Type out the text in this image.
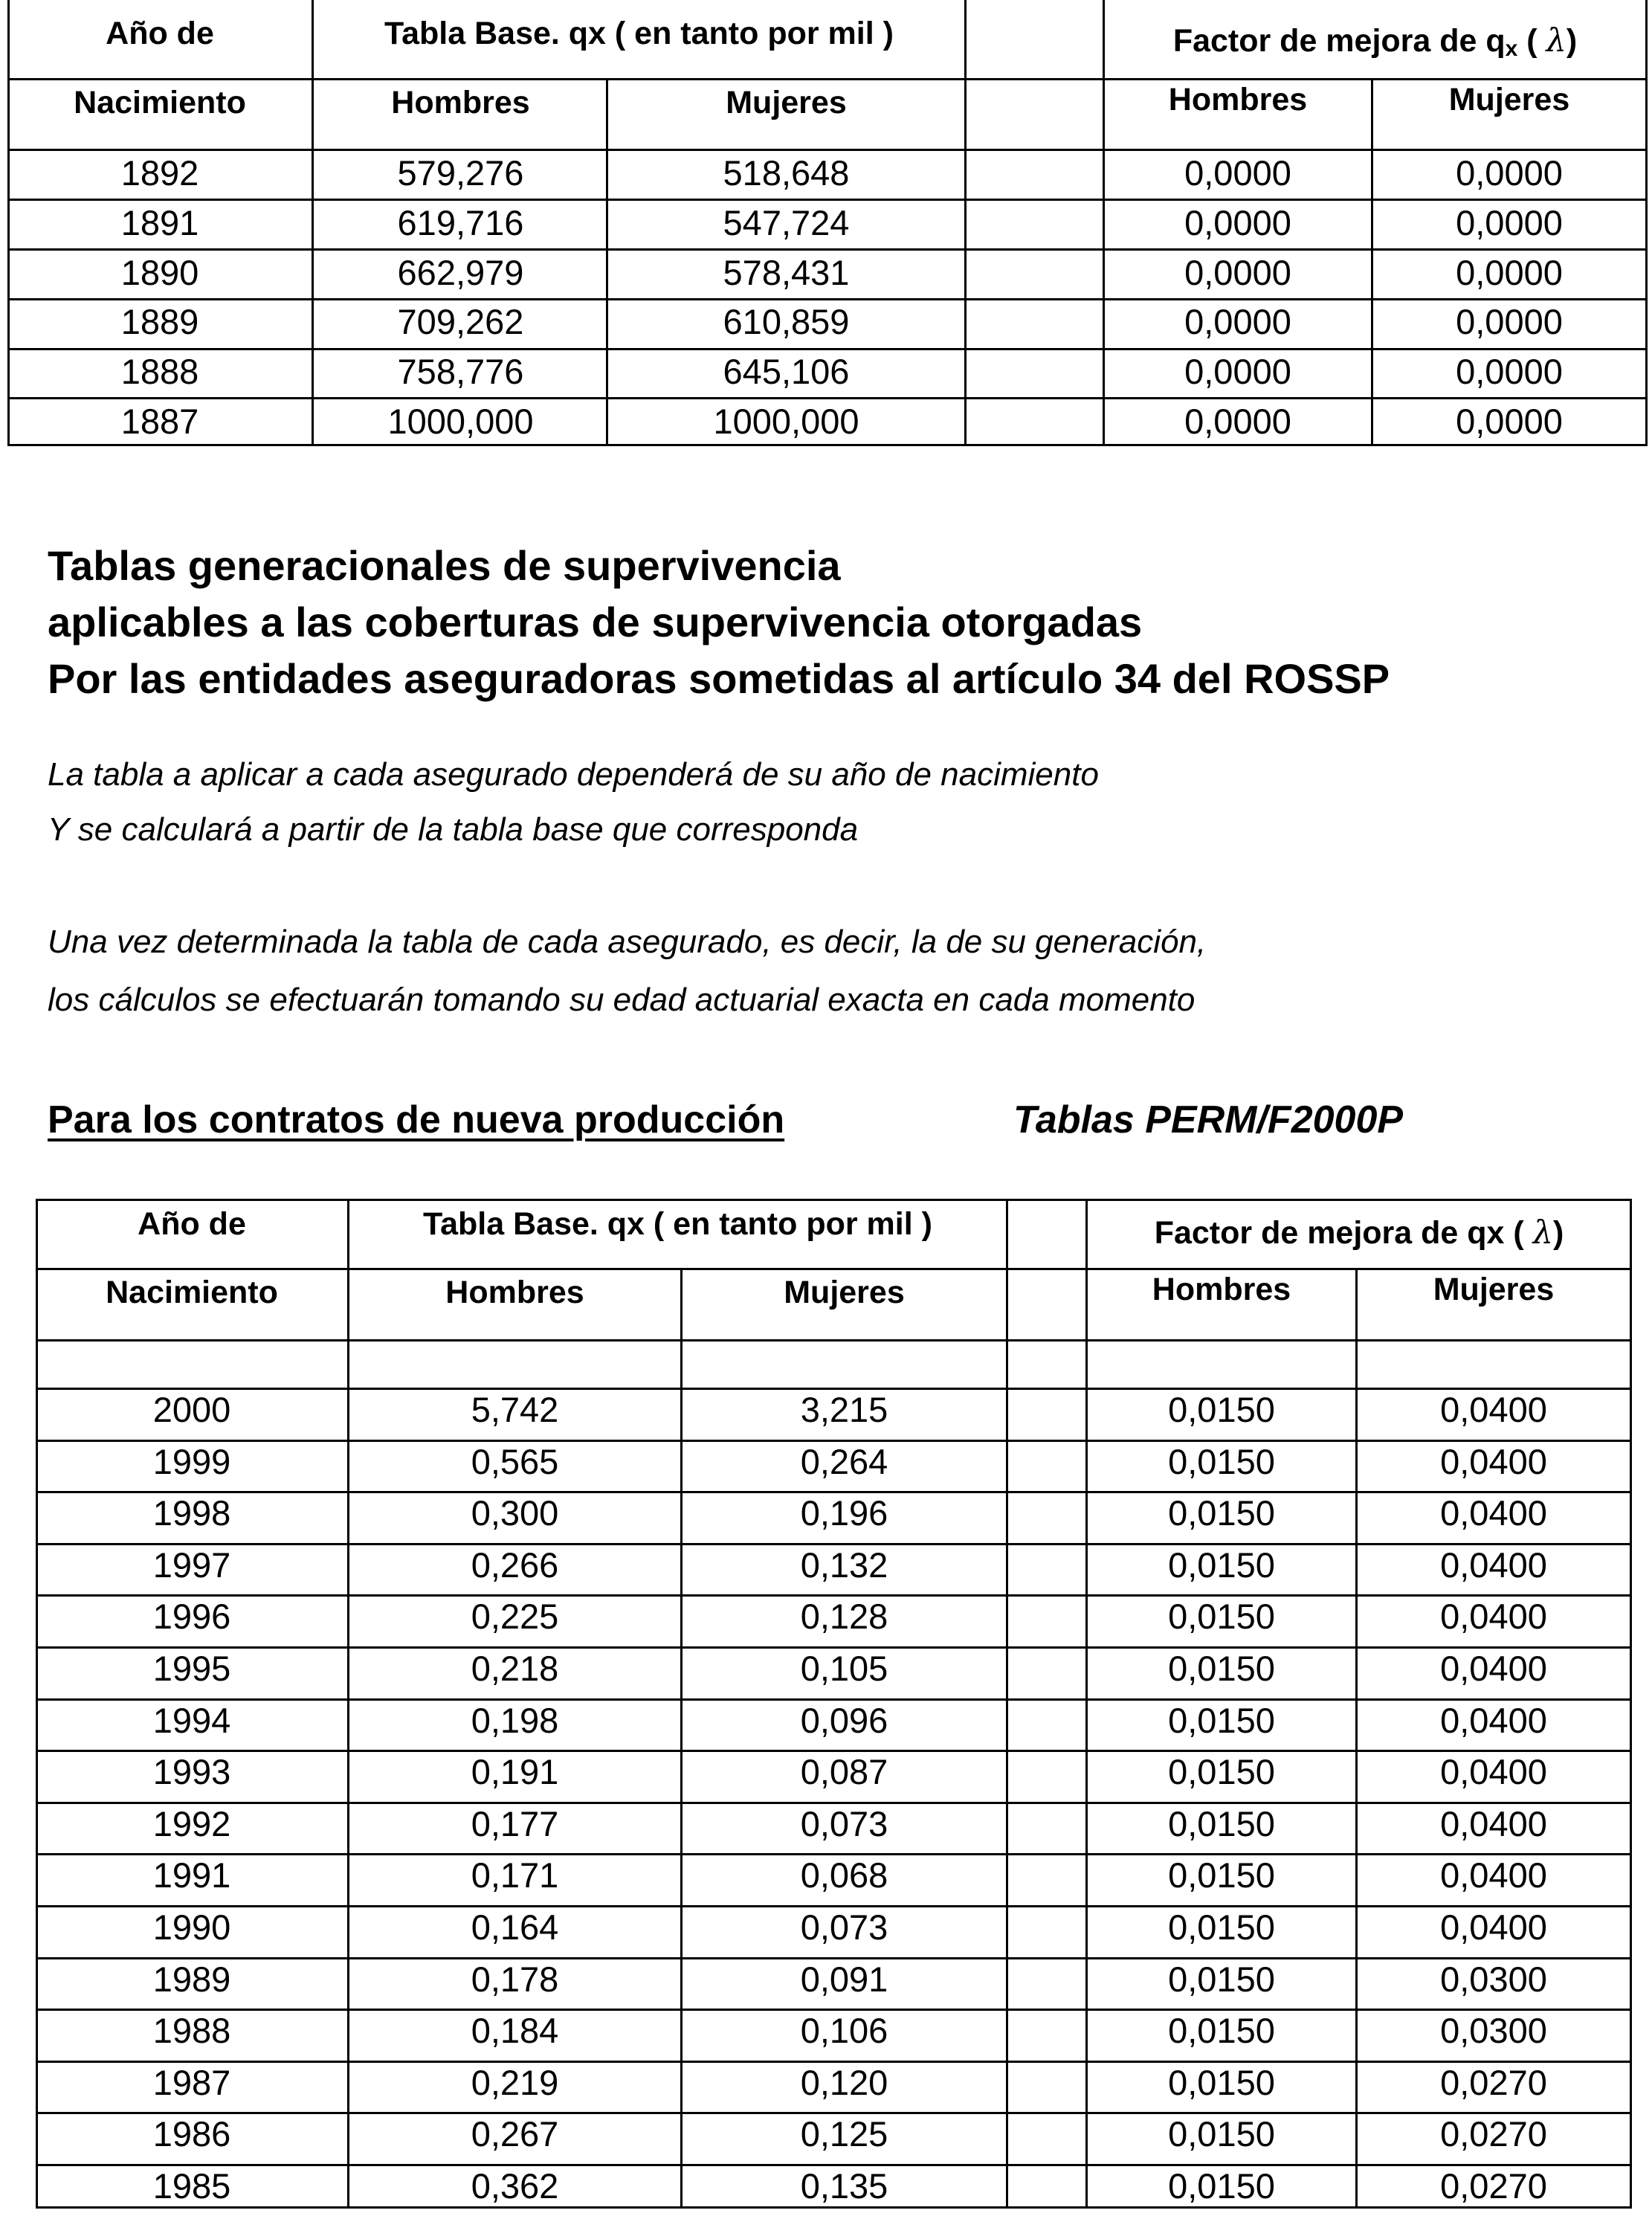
Año de
Nacimiento
Tabla Base. qx ( en tanto por mil )	Factor de mejora de qx ( λ)
Hombres	Mujeres	Hombres	Mujeres
1892	579,276	518,648	0,0000	0,0000
1891	619,716	547,724	0,0000	0,0000
1890	662,979	578,431	0,0000	0,0000
1889	709,262	610,859	0,0000	0,0000
1888	758,776	645,106	0,0000	0,0000
1887	1000,000	1000,000	0,0000	0,0000
Tablas generacionales de supervivencia
aplicables a las coberturas de supervivencia otorgadas
Por las entidades aseguradoras sometidas al artículo 34 del ROSSP
La tabla a aplicar a cada asegurado dependerá de su año de nacimiento
Y se calculará a partir de la tabla base que corresponda
Una vez determinada la tabla de cada asegurado, es decir, la de su generación,
los cálculos se efectuarán tomando su edad actuarial exacta en cada momento
Para los contratos de nueva producción	Tablas PERM/F2000P
Año de
Nacimiento
Tabla Base. qx ( en tanto por mil )	Factor de mejora de qx ( λ)
Hombres	Mujeres	Hombres	Mujeres
2000	5,742	3,215	0,0150	0,0400
1999	0,565	0,264	0,0150	0,0400
1998	0,300	0,196	0,0150	0,0400
1997	0,266	0,132	0,0150	0,0400
1996	0,225	0,128	0,0150	0,0400
1995	0,218	0,105	0,0150	0,0400
1994	0,198	0,096	0,0150	0,0400
1993	0,191	0,087	0,0150	0,0400
1992	0,177	0,073	0,0150	0,0400
1991	0,171	0,068	0,0150	0,0400
1990	0,164	0,073	0,0150	0,0400
1989	0,178	0,091	0,0150	0,0300
1988	0,184	0,106	0,0150	0,0300
1987	0,219	0,120	0,0150	0,0270
1986	0,267	0,125	0,0150	0,0270
1985	0,362	0,135	0,0150	0,0270
